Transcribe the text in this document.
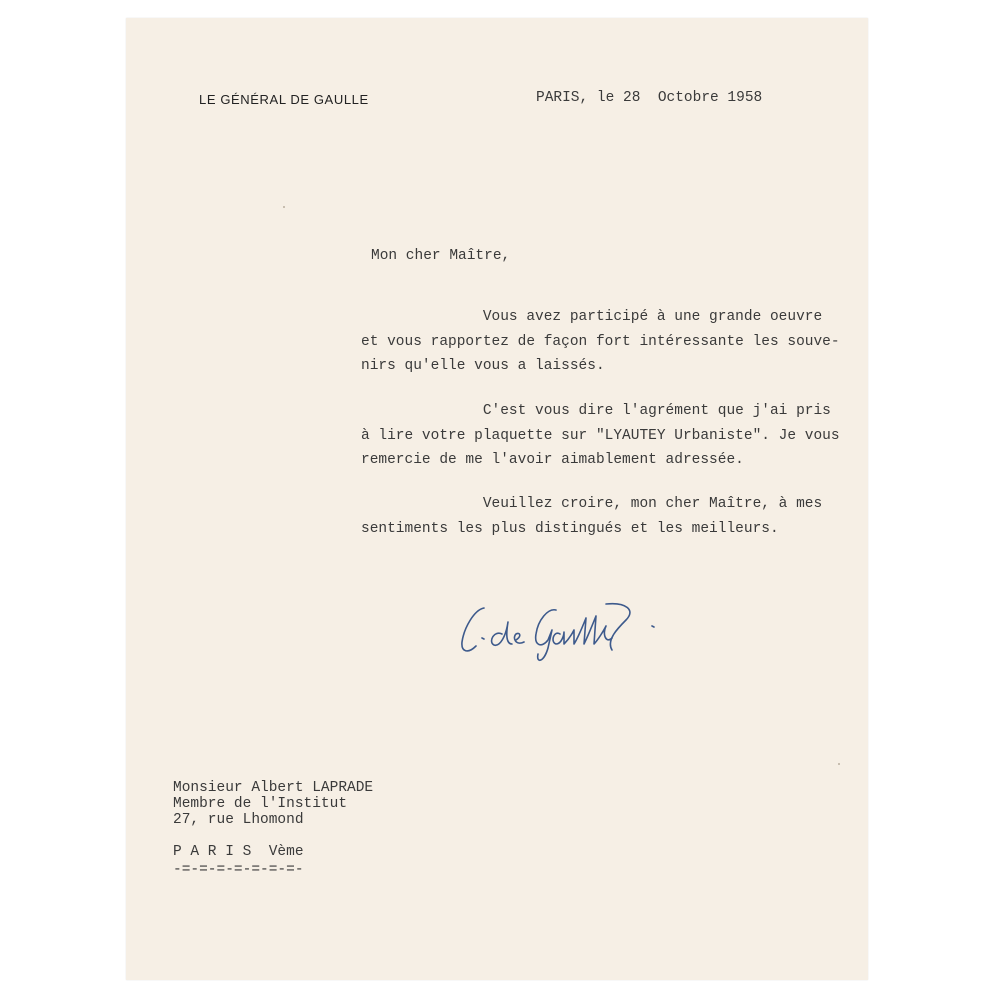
LE GÉNÉRAL DE GAULLE	PARIS, le 28  Octobre 1958
Mon cher Maître,
Vous avez participé à une grande oeuvre
et vous rapportez de façon fort intéressante les souve-
nirs qu'elle vous a laissés.
C'est vous dire l'agrément que j'ai pris
à lire votre plaquette sur "LYAUTEY Urbaniste". Je vous
remercie de me l'avoir aimablement adressée.
Veuillez croire, mon cher Maître, à mes
sentiments les plus distingués et les meilleurs.
Monsieur Albert LAPRADE
Membre de l'Institut
27, rue Lhomond
P A R I S  Vème
-=-=-=-=-=-=-=-
